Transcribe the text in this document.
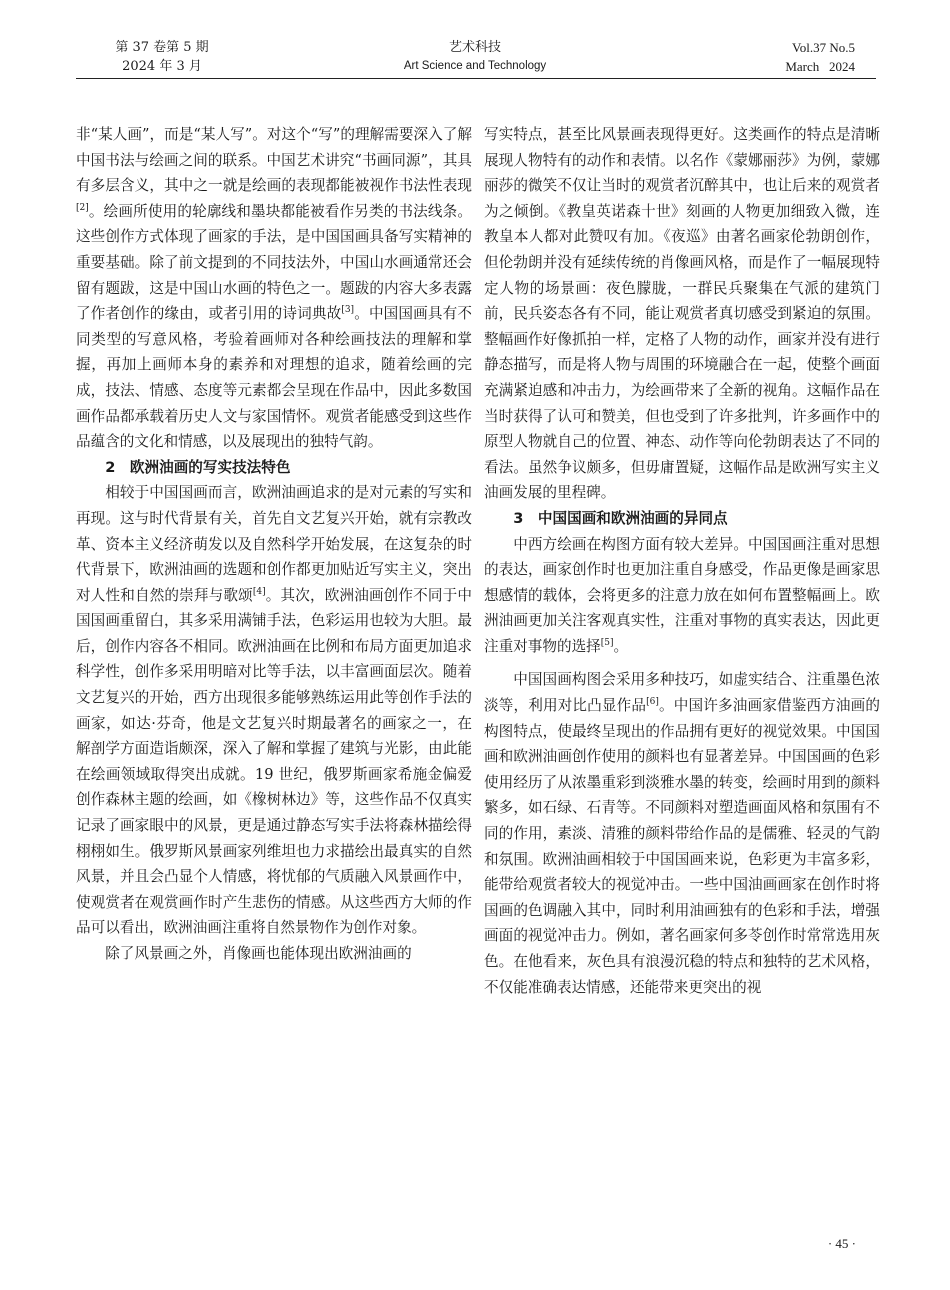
第 37 卷第 5 期
2024 年 3 月
艺术科技
Art Science and Technology
Vol.37 No.5
March   2024

非“某人画”，而是“某人写”。对这个“写”的理解需要深入了解中国书法与绘画之间的联系。中国艺术讲究“书画同源”，其具有多层含义，其中之一就是绘画的表现都能被视作书法性表现[2]。绘画所使用的轮廓线和墨块都能被看作另类的书法线条。这些创作方式体现了画家的手法，是中国国画具备写实精神的重要基础。除了前文提到的不同技法外，中国山水画通常还会留有题跋，这是中国山水画的特色之一。题跋的内容大多表露了作者创作的缘由，或者引用的诗词典故[3]。中国国画具有不同类型的写意风格，考验着画师对各种绘画技法的理解和掌握，再加上画师本身的素养和对理想的追求，随着绘画的完成，技法、情感、态度等元素都会呈现在作品中，因此多数国画作品都承载着历史人文与家国情怀。观赏者能感受到这些作品蕴含的文化和情感，以及展现出的独特气韵。

2　欧洲油画的写实技法特色

相较于中国国画而言，欧洲油画追求的是对元素的写实和再现。这与时代背景有关，首先自文艺复兴开始，就有宗教改革、资本主义经济萌发以及自然科学开始发展，在这复杂的时代背景下，欧洲油画的选题和创作都更加贴近写实主义，突出对人性和自然的崇拜与歌颂[4]。其次，欧洲油画创作不同于中国国画重留白，其多采用满铺手法，色彩运用也较为大胆。最后，创作内容各不相同。欧洲油画在比例和布局方面更加追求科学性，创作多采用明暗对比等手法，以丰富画面层次。随着文艺复兴的开始，西方出现很多能够熟练运用此等创作手法的画家，如达·芬奇，他是文艺复兴时期最著名的画家之一，在解剖学方面造诣颇深，深入了解和掌握了建筑与光影，由此能在绘画领域取得突出成就。19 世纪，俄罗斯画家希施金偏爱创作森林主题的绘画，如《橡树林边》等，这些作品不仅真实记录了画家眼中的风景，更是通过静态写实手法将森林描绘得栩栩如生。俄罗斯风景画家列维坦也力求描绘出最真实的自然风景，并且会凸显个人情感，将忧郁的气质融入风景画作中，使观赏者在观赏画作时产生悲伤的情感。从这些西方大师的作品可以看出，欧洲油画注重将自然景物作为创作对象。

除了风景画之外，肖像画也能体现出欧洲油画的

写实特点，甚至比风景画表现得更好。这类画作的特点是清晰展现人物特有的动作和表情。以名作《蒙娜丽莎》为例，蒙娜丽莎的微笑不仅让当时的观赏者沉醉其中，也让后来的观赏者为之倾倒。《教皇英诺森十世》刻画的人物更加细致入微，连教皇本人都对此赞叹有加。《夜巡》由著名画家伦勃朗创作，但伦勃朗并没有延续传统的肖像画风格，而是作了一幅展现特定人物的场景画：夜色朦胧，一群民兵聚集在气派的建筑门前，民兵姿态各有不同，能让观赏者真切感受到紧迫的氛围。整幅画作好像抓拍一样，定格了人物的动作，画家并没有进行静态描写，而是将人物与周围的环境融合在一起，使整个画面充满紧迫感和冲击力，为绘画带来了全新的视角。这幅作品在当时获得了认可和赞美，但也受到了许多批判，许多画作中的原型人物就自己的位置、神态、动作等向伦勃朗表达了不同的看法。虽然争议颇多，但毋庸置疑，这幅作品是欧洲写实主义油画发展的里程碑。

3　中国国画和欧洲油画的异同点

中西方绘画在构图方面有较大差异。中国国画注重对思想的表达，画家创作时也更加注重自身感受，作品更像是画家思想感情的载体，会将更多的注意力放在如何布置整幅画上。欧洲油画更加关注客观真实性，注重对事物的真实表达，因此更注重对事物的选择[5]。

中国国画构图会采用多种技巧，如虚实结合、注重墨色浓淡等，利用对比凸显作品[6]。中国许多油画家借鉴西方油画的构图特点，使最终呈现出的作品拥有更好的视觉效果。中国国画和欧洲油画创作使用的颜料也有显著差异。中国国画的色彩使用经历了从浓墨重彩到淡雅水墨的转变，绘画时用到的颜料繁多，如石绿、石青等。不同颜料对塑造画面风格和氛围有不同的作用，素淡、清雅的颜料带给作品的是儒雅、轻灵的气韵和氛围。欧洲油画相较于中国国画来说，色彩更为丰富多彩，能带给观赏者较大的视觉冲击。一些中国油画画家在创作时将国画的色调融入其中，同时利用油画独有的色彩和手法，增强画面的视觉冲击力。例如，著名画家何多苓创作时常常选用灰色。在他看来，灰色具有浪漫沉稳的特点和独特的艺术风格，不仅能准确表达情感，还能带来更突出的视

· 45 ·
